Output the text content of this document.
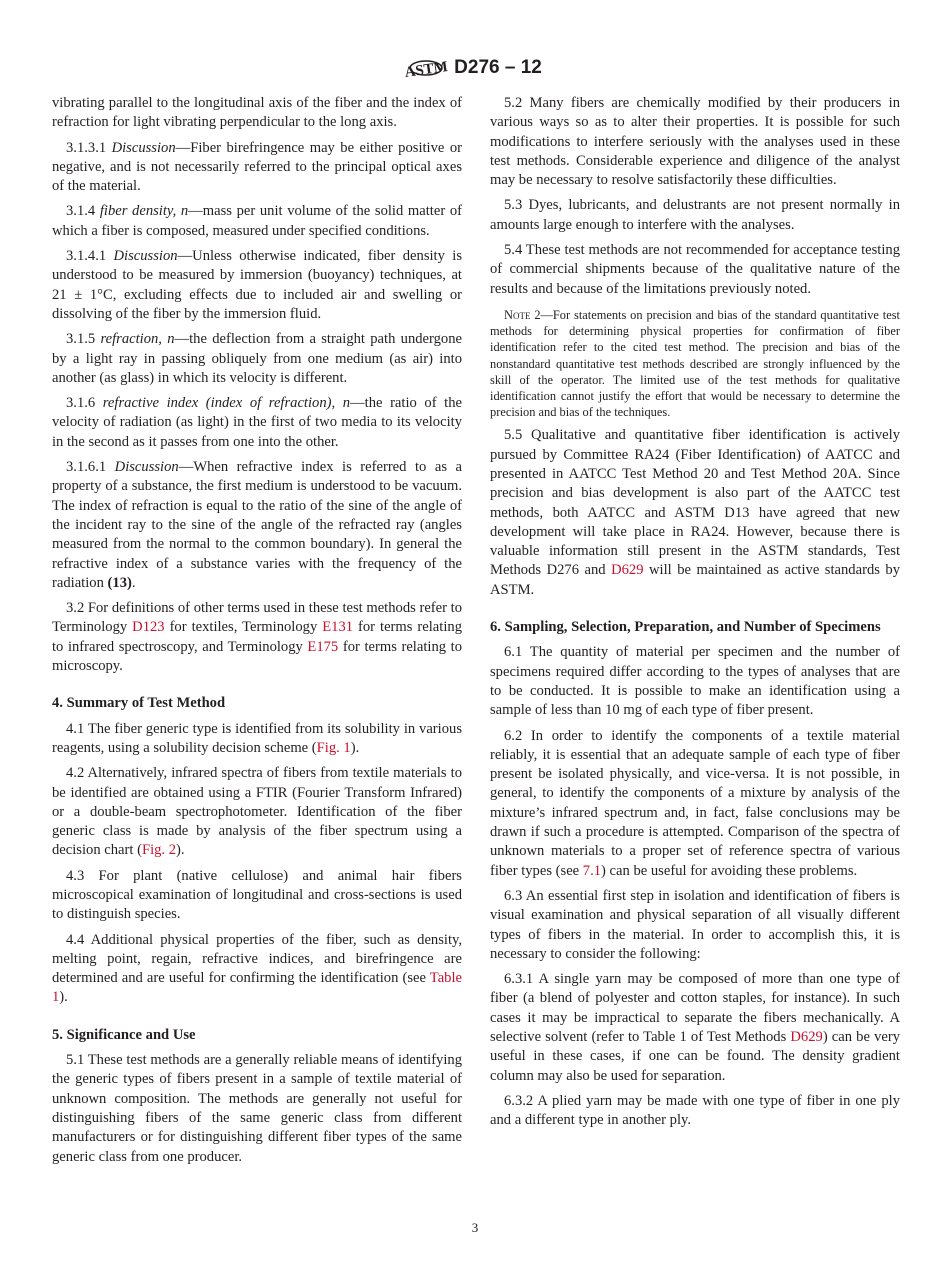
ASTM D276 – 12
vibrating parallel to the longitudinal axis of the fiber and the index of refraction for light vibrating perpendicular to the long axis.
3.1.3.1 Discussion—Fiber birefringence may be either positive or negative, and is not necessarily referred to the principal optical axes of the material.
3.1.4 fiber density, n—mass per unit volume of the solid matter of which a fiber is composed, measured under specified conditions.
3.1.4.1 Discussion—Unless otherwise indicated, fiber density is understood to be measured by immersion (buoyancy) techniques, at 21 ± 1°C, excluding effects due to included air and swelling or dissolving of the fiber by the immersion fluid.
3.1.5 refraction, n—the deflection from a straight path undergone by a light ray in passing obliquely from one medium (as air) into another (as glass) in which its velocity is different.
3.1.6 refractive index (index of refraction), n—the ratio of the velocity of radiation (as light) in the first of two media to its velocity in the second as it passes from one into the other.
3.1.6.1 Discussion—When refractive index is referred to as a property of a substance, the first medium is understood to be vacuum. The index of refraction is equal to the ratio of the sine of the angle of the incident ray to the sine of the angle of the refracted ray (angles measured from the normal to the common boundary). In general the refractive index of a substance varies with the frequency of the radiation (13).
3.2 For definitions of other terms used in these test methods refer to Terminology D123 for textiles, Terminology E131 for terms relating to infrared spectroscopy, and Terminology E175 for terms relating to microscopy.
4. Summary of Test Method
4.1 The fiber generic type is identified from its solubility in various reagents, using a solubility decision scheme (Fig. 1).
4.2 Alternatively, infrared spectra of fibers from textile materials to be identified are obtained using a FTIR (Fourier Transform Infrared) or a double-beam spectrophotometer. Identification of the fiber generic class is made by analysis of the fiber spectrum using a decision chart (Fig. 2).
4.3 For plant (native cellulose) and animal hair fibers microscopical examination of longitudinal and cross-sections is used to distinguish species.
4.4 Additional physical properties of the fiber, such as density, melting point, regain, refractive indices, and birefringence are determined and are useful for confirming the identification (see Table 1).
5. Significance and Use
5.1 These test methods are a generally reliable means of identifying the generic types of fibers present in a sample of textile material of unknown composition. The methods are generally not useful for distinguishing fibers of the same generic class from different manufacturers or for distinguishing different fiber types of the same generic class from one producer.
5.2 Many fibers are chemically modified by their producers in various ways so as to alter their properties. It is possible for such modifications to interfere seriously with the analyses used in these test methods. Considerable experience and diligence of the analyst may be necessary to resolve satisfactorily these difficulties.
5.3 Dyes, lubricants, and delustrants are not present normally in amounts large enough to interfere with the analyses.
5.4 These test methods are not recommended for acceptance testing of commercial shipments because of the qualitative nature of the results and because of the limitations previously noted.
Note 2—For statements on precision and bias of the standard quantitative test methods for determining physical properties for confirmation of fiber identification refer to the cited test method. The precision and bias of the nonstandard quantitative test methods described are strongly influenced by the skill of the operator. The limited use of the test methods for qualitative identification cannot justify the effort that would be necessary to determine the precision and bias of the techniques.
5.5 Qualitative and quantitative fiber identification is actively pursued by Committee RA24 (Fiber Identification) of AATCC and presented in AATCC Test Method 20 and Test Method 20A. Since precision and bias development is also part of the AATCC test methods, both AATCC and ASTM D13 have agreed that new development will take place in RA24. However, because there is valuable information still present in the ASTM standards, Test Methods D276 and D629 will be maintained as active standards by ASTM.
6. Sampling, Selection, Preparation, and Number of Specimens
6.1 The quantity of material per specimen and the number of specimens required differ according to the types of analyses that are to be conducted. It is possible to make an identification using a sample of less than 10 mg of each type of fiber present.
6.2 In order to identify the components of a textile material reliably, it is essential that an adequate sample of each type of fiber present be isolated physically, and vice-versa. It is not possible, in general, to identify the components of a mixture by analysis of the mixture’s infrared spectrum and, in fact, false conclusions may be drawn if such a procedure is attempted. Comparison of the spectra of unknown materials to a proper set of reference spectra of various fiber types (see 7.1) can be useful for avoiding these problems.
6.3 An essential first step in isolation and identification of fibers is visual examination and physical separation of all visually different types of fibers in the material. In order to accomplish this, it is necessary to consider the following:
6.3.1 A single yarn may be composed of more than one type of fiber (a blend of polyester and cotton staples, for instance). In such cases it may be impractical to separate the fibers mechanically. A selective solvent (refer to Table 1 of Test Methods D629) can be very useful in these cases, if one can be found. The density gradient column may also be used for separation.
6.3.2 A plied yarn may be made with one type of fiber in one ply and a different type in another ply.
3
